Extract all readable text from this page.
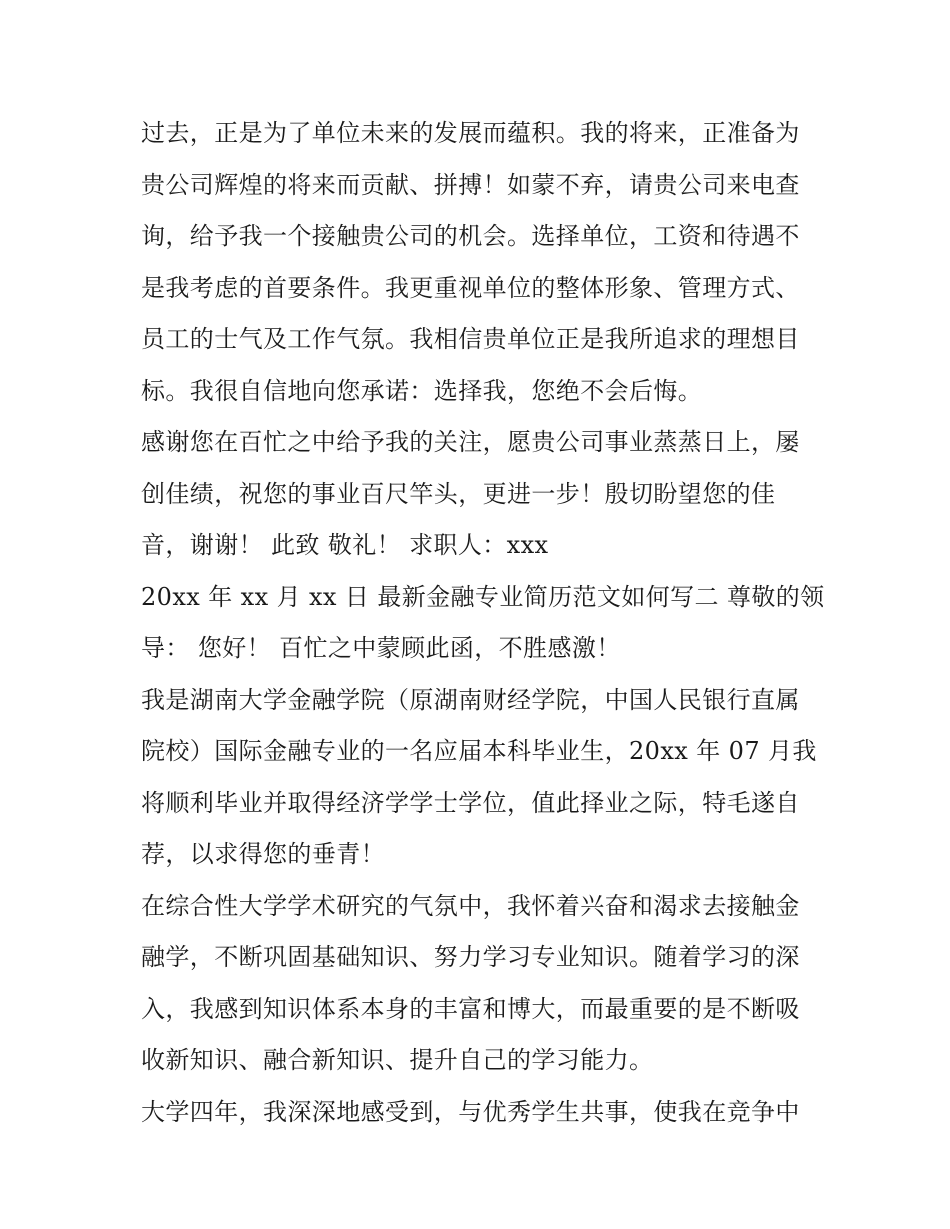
过去，正是为了单位未来的发展而蕴积。我的将来，正准备为
贵公司辉煌的将来而贡献、拼搏！如蒙不弃，请贵公司来电查
询，给予我一个接触贵公司的机会。选择单位，工资和待遇不
是我考虑的首要条件。我更重视单位的整体形象、管理方式、
员工的士气及工作气氛。我相信贵单位正是我所追求的理想目
标。我很自信地向您承诺：选择我，您绝不会后悔。
感谢您在百忙之中给予我的关注，愿贵公司事业蒸蒸日上，屡
创佳绩，祝您的事业百尺竿头，更进一步！殷切盼望您的佳
音，谢谢！ 此致 敬礼！ 求职人：xxx
20xx 年 xx 月 xx 日 最新金融专业简历范文如何写二 尊敬的领
导： 您好！ 百忙之中蒙顾此函，不胜感激！
我是湖南大学金融学院（原湖南财经学院，中国人民银行直属
院校）国际金融专业的一名应届本科毕业生，20xx 年 07 月我
将顺利毕业并取得经济学学士学位，值此择业之际，特毛遂自
荐，以求得您的垂青！
在综合性大学学术研究的气氛中，我怀着兴奋和渴求去接触金
融学，不断巩固基础知识、努力学习专业知识。随着学习的深
入，我感到知识体系本身的丰富和博大，而最重要的是不断吸
收新知识、融合新知识、提升自己的学习能力。
大学四年，我深深地感受到，与优秀学生共事，使我在竞争中
